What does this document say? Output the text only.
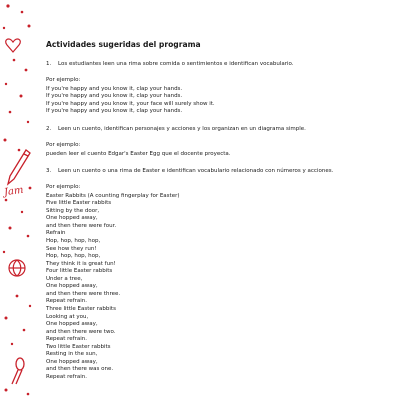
Jam
Actividades sugeridas del programa
1. Los estudiantes leen una rima sobre comida o sentimientos e identifican vocabulario.
Por ejemplo:
If you're happy and you know it, clap your hands.
If you're happy and you know it, clap your hands.
If you're happy and you know it, your face will surely show it.
If you're happy and you know it, clap your hands.
2. Leen un cuento, identifican personajes y acciones y los organizan en un diagrama simple.
Por ejemplo:
pueden leer el cuento Edgar's Easter Egg que el docente proyecta.
3. Leen un cuento o una rima de Easter e identifican vocabulario relacionado con números y acciones.
Por ejemplo:
Easter Rabbits (A counting fingerplay for Easter)
Five little Easter rabbits
Sitting by the door,
One hopped away,
and then there were four.
Refrain
Hop, hop, hop, hop,
See how they run!
Hop, hop, hop, hop,
They think it is great fun!
Four little Easter rabbits
Under a tree,
One hopped away,
and then there were three.
Repeat refrain.
Three little Easter rabbits
Looking at you,
One hopped away,
and then there were two.
Repeat refrain.
Two little Easter rabbits
Resting in the sun,
One hopped away,
and then there was one.
Repeat refrain.
